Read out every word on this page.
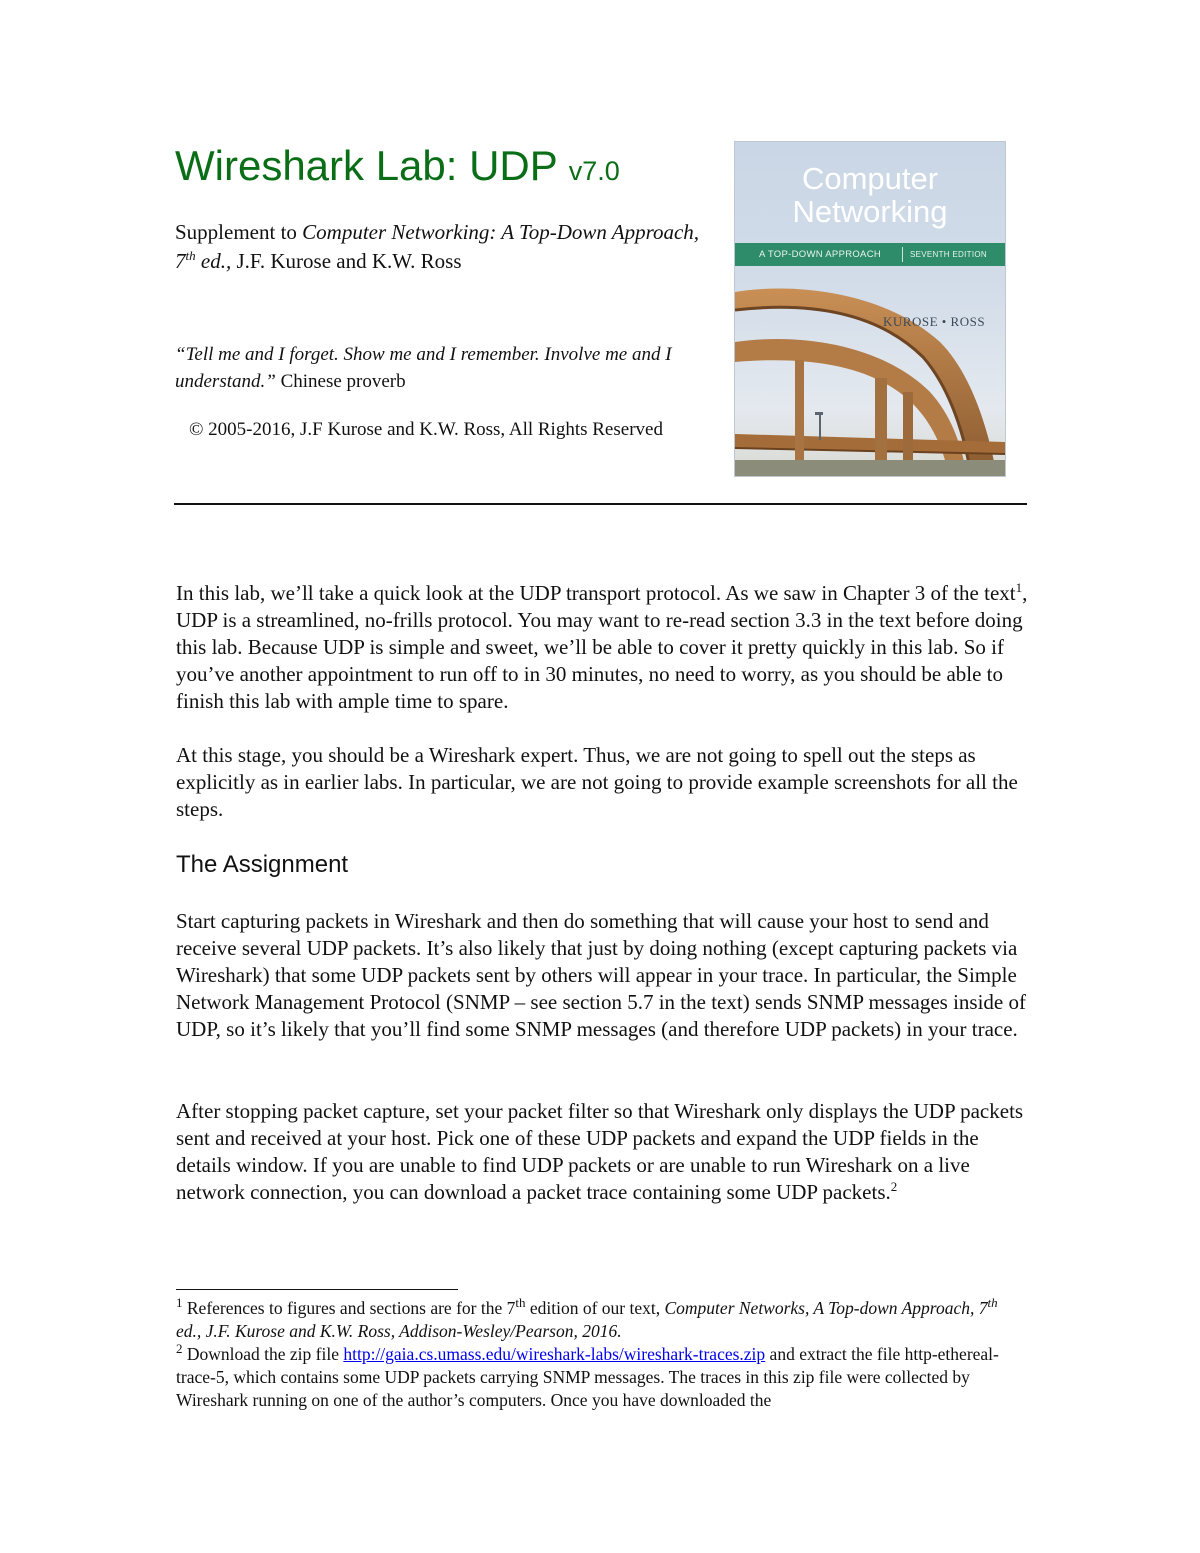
Wireshark Lab: UDP v7.0
Supplement to Computer Networking: A Top-Down Approach, 7th ed., J.F. Kurose and K.W. Ross
“Tell me and I forget. Show me and I remember. Involve me and I understand.” Chinese proverb
© 2005-2016, J.F Kurose and K.W. Ross, All Rights Reserved
Computer
Networking
A TOP-DOWN APPROACH	SEVENTH EDITION
KUROSE • ROSS

In this lab, we’ll take a quick look at the UDP transport protocol. As we saw in Chapter 3 of the text$^1$, UDP is a streamlined, no-frills protocol. You may want to re-read section 3.3 in the text before doing this lab. Because UDP is simple and sweet, we’ll be able to cover it pretty quickly in this lab. So if you’ve another appointment to run off to in 30 minutes, no need to worry, as you should be able to finish this lab with ample time to spare.

At this stage, you should be a Wireshark expert. Thus, we are not going to spell out the steps as explicitly as in earlier labs. In particular, we are not going to provide example screenshots for all the steps.

The Assignment

Start capturing packets in Wireshark and then do something that will cause your host to send and receive several UDP packets. It’s also likely that just by doing nothing (except capturing packets via Wireshark) that some UDP packets sent by others will appear in your trace. In particular, the Simple Network Management Protocol (SNMP – see section 5.7 in the text) sends SNMP messages inside of UDP, so it’s likely that you’ll find some SNMP messages (and therefore UDP packets) in your trace.

After stopping packet capture, set your packet filter so that Wireshark only displays the UDP packets sent and received at your host. Pick one of these UDP packets and expand the UDP fields in the details window. If you are unable to find UDP packets or are unable to run Wireshark on a live network connection, you can download a packet trace containing some UDP packets.$^2$

$^1$ References to figures and sections are for the 7th edition of our text, Computer Networks, A Top-down Approach, 7th ed., J.F. Kurose and K.W. Ross, Addison-Wesley/Pearson, 2016.
$^2$ Download the zip file http://gaia.cs.umass.edu/wireshark-labs/wireshark-traces.zip and extract the file http-ethereal-trace-5, which contains some UDP packets carrying SNMP messages. The traces in this zip file were collected by Wireshark running on one of the author’s computers. Once you have downloaded the
